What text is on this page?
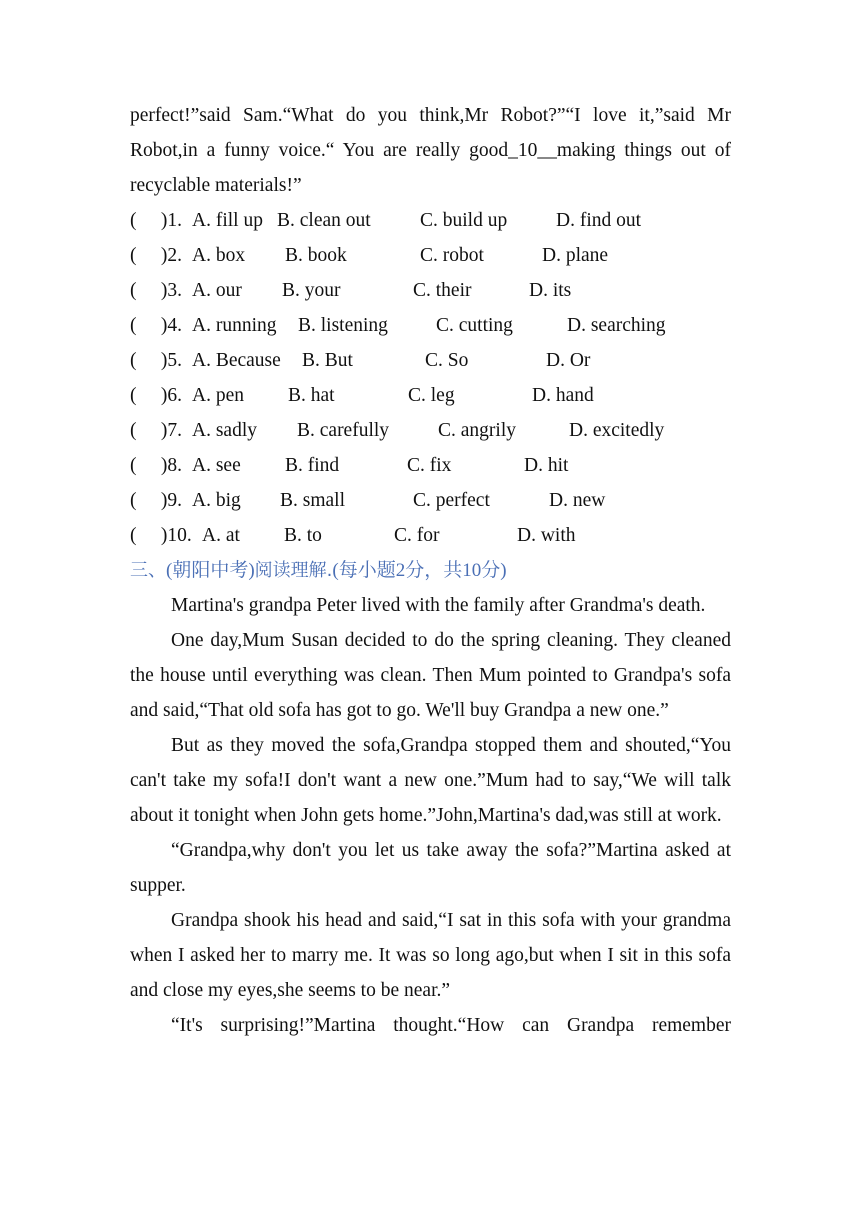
perfect!”said Sam.“What do you think,Mr Robot?”“I love it,”said Mr

Robot,in a funny voice.“ You are really good_10__making things out of

recyclable materials!”

(     )1. A. fill up B. clean out	C. build up	D. find out
(     )2. A. box B. book	C. robot	D. plane
(     )3. A. our B. your	C. their	D. its
(     )4. A. running B. listening C. cutting	D. searching
(     )5. A. Because B. But	C. So	D. Or
(     )6. A. pen B. hat	C. leg	D. hand
(     )7. A. sadly B. carefully	C. angrily	D. excitedly
(     )8. A. see B. find	C. fix	D. hit
(     )9. A. big B. small	C. perfect	D. new
(     )10. A. at B. to	C. for	D. with
三、(朝阳中考)阅读理解.(每小题2分，共10分)

Martina's grandpa Peter lived with the family after Grandma's death.

One day,Mum Susan decided to do the spring cleaning. They cleaned the house until everything was clean. Then Mum pointed to Grandpa's sofa and said,“That old sofa has got to go. We'll buy Grandpa a new one.”

But as they moved the sofa,Grandpa stopped them and shouted,“You can't take my sofa!I don't want a new one.”Mum had to say,“We will talk about it tonight when John gets home.”John,Martina's dad,was still at work.

“Grandpa,why don't you let us take away the sofa?”Martina asked at supper.

Grandpa shook his head and said,“I sat in this sofa with your grandma when I asked her to marry me. It was so long ago,but when I sit in this sofa and close my eyes,she seems to be near.”

“It's surprising!”Martina thought.“How can Grandpa remember
